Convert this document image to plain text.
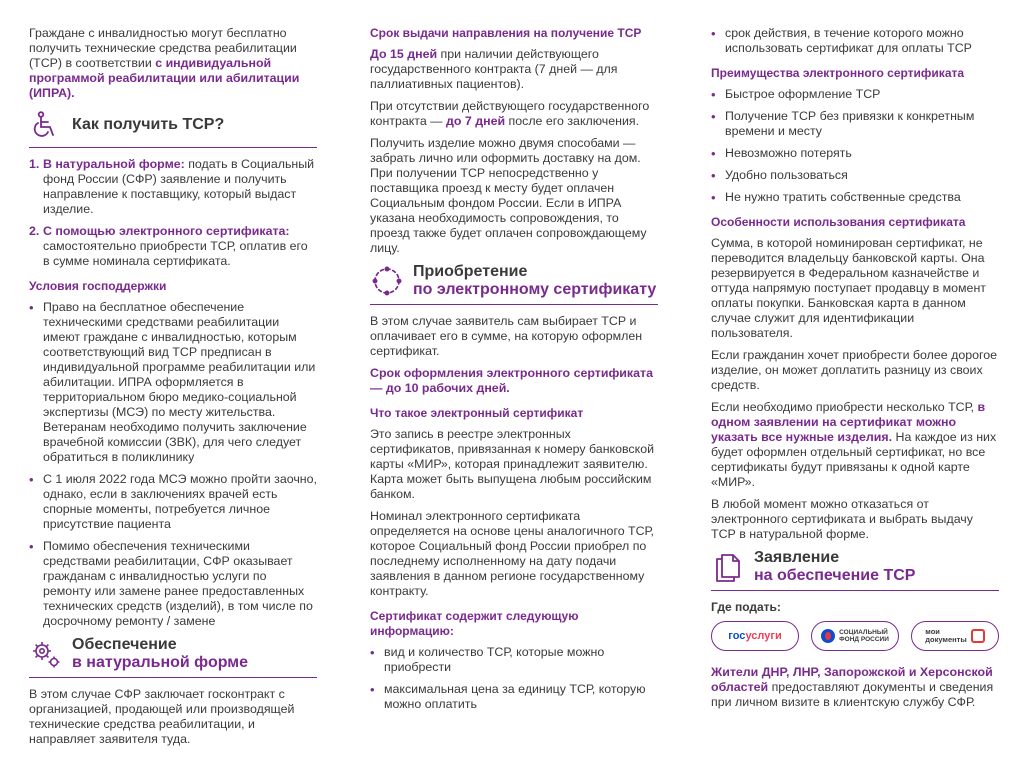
Граждане с инвалидностью могут бесплатно получить технические средства реабилитации (ТСР) в соответствии с индивидуальной программой реабилитации или абилитации (ИПРА).

Как получить ТСР?
1. В натуральной форме: подать в Социальный фонд России (СФР) заявление и получить направление к поставщику, который выдаст изделие.
2. С помощью электронного сертификата: самостоятельно приобрести ТСР, оплатив его в сумме номинала сертификата.
Условия господдержки
• Право на бесплатное обеспечение техническими средствами реабилитации имеют граждане с инвалидностью, которым соответствующий вид ТСР предписан в индивидуальной программе реабилитации или абилитации. ИПРА оформляется в территориальном бюро медико-социальной экспертизы (МСЭ) по месту жительства. Ветеранам необходимо получить заключение врачебной комиссии (ЗВК), для чего следует обратиться в поликлинику
• С 1 июля 2022 года МСЭ можно пройти заочно, однако, если в заключениях врачей есть спорные моменты, потребуется личное присутствие пациента
• Помимо обеспечения техническими средствами реабилитации, СФР оказывает гражданам с инвалидностью услуги по ремонту или замене ранее предоставленных технических средств (изделий), в том числе по досрочному ремонту / замене
Обеспечение
в натуральной форме

В этом случае СФР заключает госконтракт с организацией, продающей или производящей технические средства реабилитации, и направляет заявителя туда.

Срок выдачи направления на получение ТСР

До 15 дней при наличии действующего государственного контракта (7 дней — для паллиативных пациентов).

При отсутствии действующего государственного контракта — до 7 дней после его заключения.

Получить изделие можно двумя способами — забрать лично или оформить доставку на дом. При получении ТСР непосредственно у поставщика проезд к месту будет оплачен Социальным фондом России. Если в ИПРА указана необходимость сопровождения, то проезд также будет оплачен сопровождающему лицу.

Приобретение
по электронному сертификату

В этом случае заявитель сам выбирает ТСР и оплачивает его в сумме, на которую оформлен сертификат.

Срок оформления электронного сертификата — до 10 рабочих дней.

Что такое электронный сертификат

Это запись в реестре электронных сертификатов, привязанная к номеру банковской карты «МИР», которая принадлежит заявителю. Карта может быть выпущена любым российским банком.

Номинал электронного сертификата определяется на основе цены аналогичного ТСР, которое Социальный фонд России приобрел по последнему исполненному на дату подачи заявления в данном регионе государственному контракту.

Сертификат содержит следующую информацию:
• вид и количество ТСР, которые можно приобрести
• максимальная цена за единицу ТСР, которую можно оплатить
• срок действия, в течение которого можно использовать сертификат для оплаты ТСР
Преимущества электронного сертификата
• Быстрое оформление ТСР
• Получение ТСР без привязки к конкретным времени и месту
• Невозможно потерять
• Удобно пользоваться
• Не нужно тратить собственные средства
Особенности использования сертификата

Сумма, в которой номинирован сертификат, не переводится владельцу банковской карты. Она резервируется в Федеральном казначействе и оттуда напрямую поступает продавцу в момент оплаты покупки. Банковская карта в данном случае служит для идентификации пользователя.

Если гражданин хочет приобрести более дорогое изделие, он может доплатить разницу из своих средств.

Если необходимо приобрести несколько ТСР, в одном заявлении на сертификат можно указать все нужные изделия. На каждое из них будет оформлен отдельный сертификат, но все сертификаты будут привязаны к одной карте «МИР».

В любой момент можно отказаться от электронного сертификата и выбрать выдачу ТСР в натуральной форме.

Заявление
на обеспечение ТСР
Где подать:
гос услуги	СОЦИАЛЬНЫЙ
ФОНД РОССИИ
мои
документы

Жители ДНР, ЛНР, Запорожской и Херсонской областей предоставляют документы и сведения при личном визите в клиентскую службу СФР.
